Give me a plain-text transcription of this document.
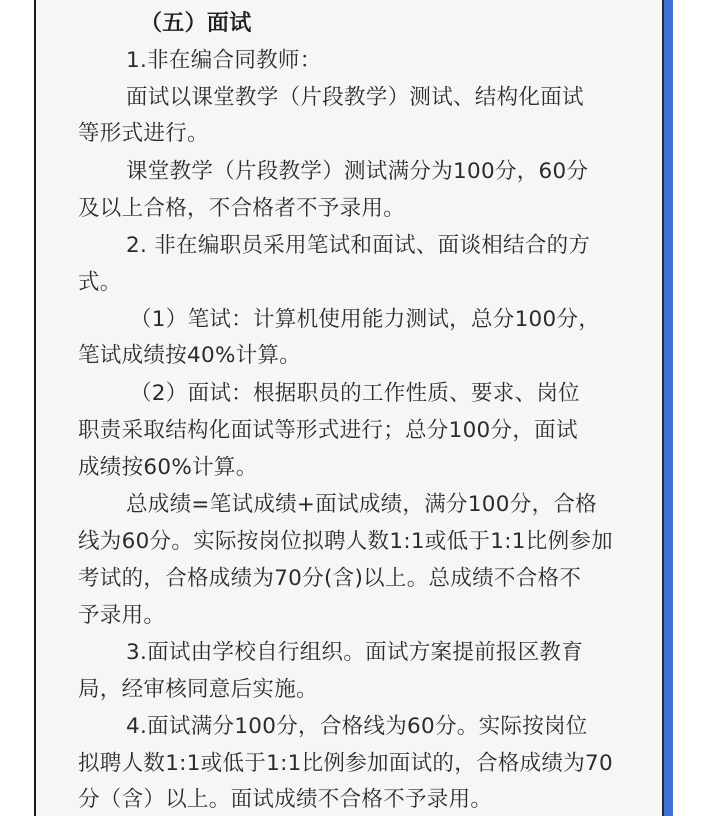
（五）面试
1.非在编合同教师：
面试以课堂教学（片段教学）测试、结构化面试
等形式进行。
课堂教学（片段教学）测试满分为100分，60分
及以上合格，不合格者不予录用。
2. 非在编职员采用笔试和面试、面谈相结合的方
式。
（1）笔试：计算机使用能力测试，总分100分，
笔试成绩按40%计算。
（2）面试：根据职员的工作性质、要求、岗位
职责采取结构化面试等形式进行；总分100分，面试
成绩按60%计算。
总成绩=笔试成绩+面试成绩，满分100分，合格
线为60分。实际按岗位拟聘人数1:1或低于1:1比例参加
考试的，合格成绩为70分(含)以上。总成绩不合格不
予录用。
3.面试由学校自行组织。面试方案提前报区教育
局，经审核同意后实施。
4.面试满分100分，合格线为60分。实际按岗位
拟聘人数1:1或低于1:1比例参加面试的，合格成绩为70
分（含）以上。面试成绩不合格不予录用。
